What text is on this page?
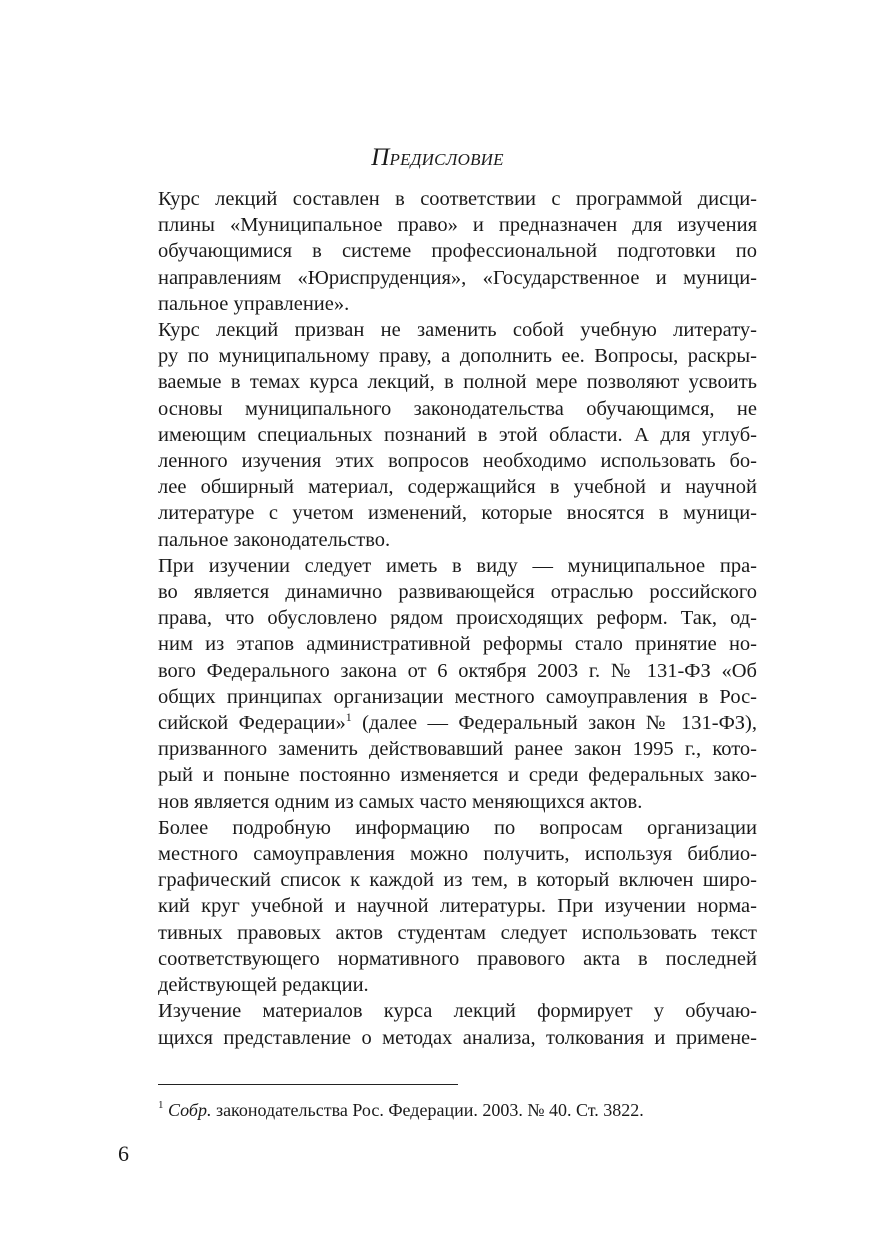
Предисловие

Курс лекций составлен в соответствии с программой дисци-
плины «Муниципальное право» и предназначен для изучения
обучающимися в системе профессиональной подготовки по
направлениям «Юриспруденция», «Государственное и муници-
пальное управление».

Курс лекций призван не заменить собой учебную литерату-
ру по муниципальному праву, а дополнить ее. Вопросы, раскры-
ваемые в темах курса лекций, в полной мере позволяют усвоить
основы муниципального законодательства обучающимся, не
имеющим специальных познаний в этой области. А для углуб-
ленного изучения этих вопросов необходимо использовать бо-
лее обширный материал, содержащийся в учебной и научной
литературе с учетом изменений, которые вносятся в муници-
пальное законодательство.

При изучении следует иметь в виду — муниципальное пра-
во является динамично развивающейся отраслью российского
права, что обусловлено рядом происходящих реформ. Так, од-
ним из этапов административной реформы стало принятие но-
вого Федерального закона от 6 октября 2003 г. № 131-ФЗ «Об
общих принципах организации местного самоуправления в Рос-
сийской Федерации»$^1$ (далее — Федеральный закон № 131-ФЗ),
призванного заменить действовавший ранее закон 1995 г., кото-
рый и поныне постоянно изменяется и среди федеральных зако-
нов является одним из самых часто меняющихся актов.

Более подробную информацию по вопросам организации
местного самоуправления можно получить, используя библио-
графический список к каждой из тем, в который включен широ-
кий круг учебной и научной литературы. При изучении норма-
тивных правовых актов студентам следует использовать текст
соответствующего нормативного правового акта в последней
действующей редакции.

Изучение материалов курса лекций формирует у обучаю-
щихся представление о методах анализа, толкования и примене-

$^1$ Собр. законодательства Рос. Федерации. 2003. № 40. Ст. 3822.
6
